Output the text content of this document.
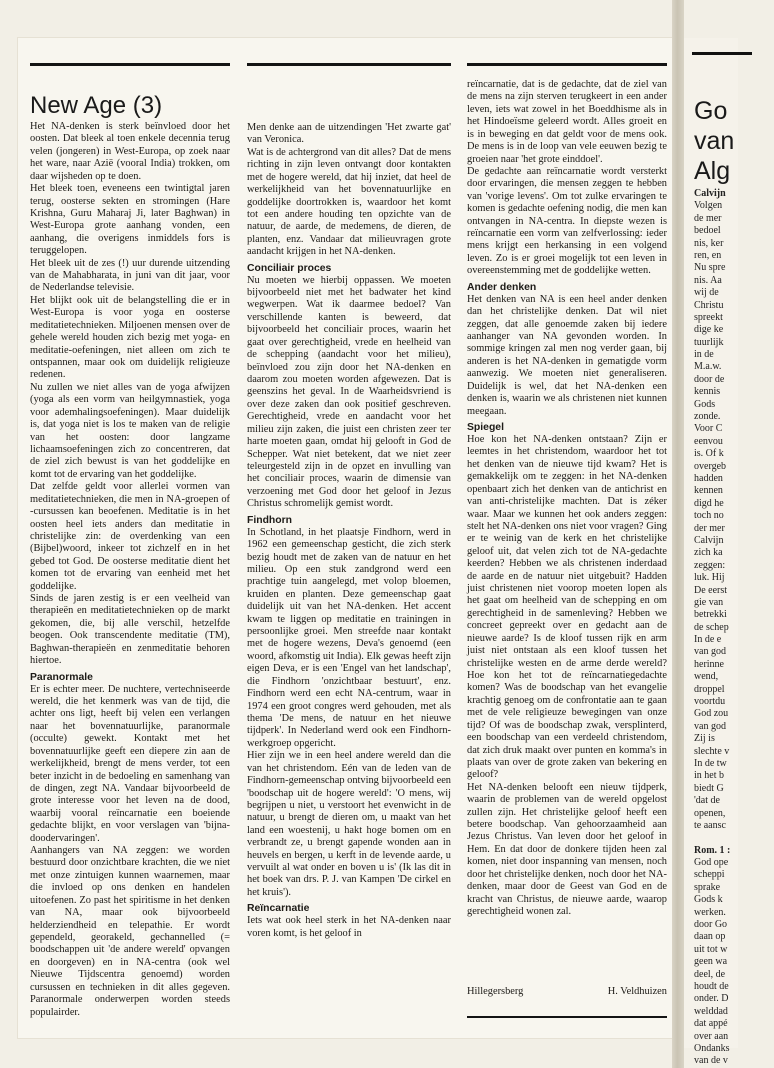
New Age (3)

Het NA-denken is sterk beïnvloed door het oosten. Dat bleek al toen enkele decennia terug velen (jongeren) in West-Europa, op zoek naar het ware, naar Azië (vooral India) trokken, om daar wijsheden op te doen.

Het bleek toen, eveneens een twintigtal jaren terug, oosterse sekten en stromingen (Hare Krishna, Guru Maharaj Ji, later Baghwan) in West-Europa grote aanhang vonden, een aanhang, die overigens inmiddels fors is teruggelopen.

Het bleek uit de zes (!) uur durende uitzending van de Mahabharata, in juni van dit jaar, voor de Nederlandse televisie.

Het blijkt ook uit de belangstelling die er in West-Europa is voor yoga en oosterse meditatietechnieken. Miljoenen mensen over de gehele wereld houden zich bezig met yoga- en meditatie-oefeningen, niet alleen om zich te ontspannen, maar ook om duidelijk religieuze redenen.

Nu zullen we niet alles van de yoga afwijzen (yoga als een vorm van heilgymnastiek, yoga voor ademhalingsoefeningen). Maar duidelijk is, dat yoga niet is los te maken van de religie van het oosten: door langzame lichaamsoefeningen zich zo concentreren, dat de ziel zich bewust is van het goddelijke en komt tot de ervaring van het goddelijke.

Dat zelfde geldt voor allerlei vormen van meditatietechnieken, die men in NA-groepen of -cursussen kan beoefenen. Meditatie is in het oosten heel iets anders dan meditatie in christelijke zin: de overdenking van een (Bijbel)woord, inkeer tot zichzelf en in het gebed tot God. De oosterse meditatie dient het komen tot de ervaring van eenheid met het goddelijke.

Sinds de jaren zestig is er een veelheid van therapieën en meditatietechnieken op de markt gekomen, die, bij alle verschil, hetzelfde beogen. Ook transcendente meditatie (TM), Baghwan-therapieën en zenmeditatie behoren hiertoe.

Paranormale

Er is echter meer. De nuchtere, vertechniseerde wereld, die het kenmerk was van de tijd, die achter ons ligt, heeft bij velen een verlangen naar het bovennatuurlijke, paranormale (occulte) gewekt. Kontakt met het bovennatuurlijke geeft een diepere zin aan de werkelijkheid, brengt de mens verder, tot een beter inzicht in de bedoeling en samenhang van de dingen, zegt NA. Vandaar bijvoorbeeld de grote interesse voor het leven na de dood, waarbij vooral reïncarnatie een boeiende gedachte blijkt, en voor verslagen van 'bijna-doodervaringen'.

Aanhangers van NA zeggen: we worden bestuurd door onzichtbare krachten, die we niet met onze zintuigen kunnen waarnemen, maar die invloed op ons denken en handelen uitoefenen. Zo past het spiritisme in het denken van NA, maar ook bijvoorbeeld helderziendheid en telepathie. Er wordt gependeld, georakeld, gechannelled (= boodschappen uit 'de andere wereld' opvangen en doorgeven) en in NA-centra (ook wel Nieuwe Tijdscentra genoemd) worden cursussen en technieken in dit alles gegeven. Paranormale onderwerpen worden steeds populairder.

Men denke aan de uitzendingen 'Het zwarte gat' van Veronica.

Wat is de achtergrond van dit alles? Dat de mens richting in zijn leven ontvangt door kontakten met de hogere wereld, dat hij inziet, dat heel de werkelijkheid van het bovennatuurlijke en goddelijke doortrokken is, waardoor het komt tot een andere houding ten opzichte van de natuur, de aarde, de medemens, de dieren, de planten, enz. Vandaar dat milieuvragen grote aandacht krijgen in het NA-denken.

Conciliair proces

Nu moeten we hierbij oppassen. We moeten bijvoorbeeld niet met het badwater het kind wegwerpen. Wat ik daarmee bedoel? Van verschillende kanten is beweerd, dat bijvoorbeeld het conciliair proces, waarin het gaat over gerechtigheid, vrede en heelheid van de schepping (aandacht voor het milieu), beïnvloed zou zijn door het NA-denken en daarom zou moeten worden afgewezen. Dat is geenszins het geval. In de Waarheidsvriend is over deze zaken dan ook positief geschreven. Gerechtigheid, vrede en aandacht voor het milieu zijn zaken, die juist een christen zeer ter harte moeten gaan, omdat hij gelooft in God de Schepper. Wat niet betekent, dat we niet zeer teleurgesteld zijn in de opzet en invulling van het conciliair proces, waarin de dimensie van verzoening met God door het geloof in Jezus Christus schromelijk gemist wordt.

Findhorn

In Schotland, in het plaatsje Findhorn, werd in 1962 een gemeenschap gesticht, die zich sterk bezig houdt met de zaken van de natuur en het milieu. Op een stuk zandgrond werd een prachtige tuin aangelegd, met volop bloemen, kruiden en planten. Deze gemeenschap gaat duidelijk uit van het NA-denken. Het accent kwam te liggen op meditatie en trainingen in persoonlijke groei. Men streefde naar kontakt met de hogere wezens, Deva's genoemd (een woord, afkomstig uit India). Elk gewas heeft zijn eigen Deva, er is een 'Engel van het landschap', die Findhorn 'onzichtbaar bestuurt', enz. Findhorn werd een echt NA-centrum, waar in 1974 een groot congres werd gehouden, met als thema 'De mens, de natuur en het nieuwe tijdperk'. In Nederland werd ook een Findhorn-werkgroep opgericht.

Hier zijn we in een heel andere wereld dan die van het christendom. Eén van de leden van de Findhorn-gemeenschap ontving bijvoorbeeld een 'boodschap uit de hogere wereld': 'O mens, wij begrijpen u niet, u verstoort het evenwicht in de natuur, u brengt de dieren om, u maakt van het land een woestenij, u hakt hoge bomen om en verbrandt ze, u brengt gapende wonden aan in heuvels en bergen, u kerft in de levende aarde, u vervuilt al wat onder en boven u is' (Ik las dit in het boek van drs. P. J. van Kampen 'De cirkel en het kruis').

Reïncarnatie

Iets wat ook heel sterk in het NA-denken naar voren komt, is het geloof in

reïncarnatie, dat is de gedachte, dat de ziel van de mens na zijn sterven terugkeert in een ander leven, iets wat zowel in het Boeddhisme als in het Hindoeïsme geleerd wordt. Alles groeit en is in beweging en dat geldt voor de mens ook. De mens is in de loop van vele eeuwen bezig te groeien naar 'het grote einddoel'.

De gedachte aan reïncarnatie wordt versterkt door ervaringen, die mensen zeggen te hebben van 'vorige levens'. Om tot zulke ervaringen te komen is gedachte oefening nodig, die men kan ontvangen in NA-centra. In diepste wezen is reïncarnatie een vorm van zelfverlossing: ieder mens krijgt een herkansing in een volgend leven. Zo is er groei mogelijk tot een leven in overeenstemming met de goddelijke wetten.

Ander denken

Het denken van NA is een heel ander denken dan het christelijke denken. Dat wil niet zeggen, dat alle genoemde zaken bij iedere aanhanger van NA gevonden worden. In sommige kringen zal men nog verder gaan, bij anderen is het NA-denken in gematigde vorm aanwezig. We moeten niet generaliseren. Duidelijk is wel, dat het NA-denken een denken is, waarin we als christenen niet kunnen meegaan.

Spiegel

Hoe kon het NA-denken ontstaan? Zijn er leemtes in het christendom, waardoor het tot het denken van de nieuwe tijd kwam? Het is gemakkelijk om te zeggen: in het NA-denken openbaart zich het denken van de antichrist en van anti-christelijke machten. Dat is zéker waar. Maar we kunnen het ook anders zeggen: stelt het NA-denken ons niet voor vragen? Ging er te weinig van de kerk en het christelijke geloof uit, dat velen zich tot de NA-gedachte keerden? Hebben we als christenen inderdaad de aarde en de natuur niet uitgebuit? Hadden juist christenen niet voorop moeten lopen als het gaat om heelheid van de schepping en om gerechtigheid in de samenleving? Hebben we concreet gepreekt over en gedacht aan de nieuwe aarde? Is de kloof tussen rijk en arm juist niet ontstaan als een kloof tussen het christelijke westen en de arme derde wereld? Hoe kon het tot de reïncarnatiegedachte komen? Was de boodschap van het evangelie krachtig genoeg om de confrontatie aan te gaan met de vele religieuze bewegingen van onze tijd? Of was de boodschap zwak, versplinterd, een boodschap van een verdeeld christendom, dat zich druk maakt over punten en komma's in plaats van over de grote zaken van bekering en geloof?

Het NA-denken belooft een nieuw tijdperk, waarin de problemen van de wereld opgelost zullen zijn. Het christelijke geloof heeft een betere boodschap. Van gehoorzaamheid aan Jezus Christus. Van leven door het geloof in Hem. En dat door de donkere tijden heen zal komen, niet door inspanning van mensen, noch door het christelijke denken, noch door het NA-denken, maar door de Geest van God en de kracht van Christus, de nieuwe aarde, waarop gerechtigheid wonen zal.

Hillegersberg	H. Veldhuizen
Go
van
Alg
Calvijn
Volgen
de mer
bedoel
nis, ker
ren, en
Nu spre
nis. Aa
wij de
Christu
spreekt
dige ke
tuurlijk
in de
M.a.w.
door de
kennis
Gods
zonde.
Voor C
eenvou
is. Of k
overgeb
hadden
kennen
digd he
toch no
der mer
Calvijn
zich ka
zeggen:
luk. Hij
De eerst
gie van
betrekki
de schep
In de e
van god
herinne
wend,
droppel
voortdu
God zou
van god
Zij is
slechte v
In de tw
in het b
biedt G
'dat de
openen,
te aansc
Rom. 1 :
God ope
scheppi
sprake
Gods k
werken.
door Go
daan op
uit tot w
geen wa
deel, de
houdt de
onder. D
welddad
dat appé
over aan
Ondanks
van de v
